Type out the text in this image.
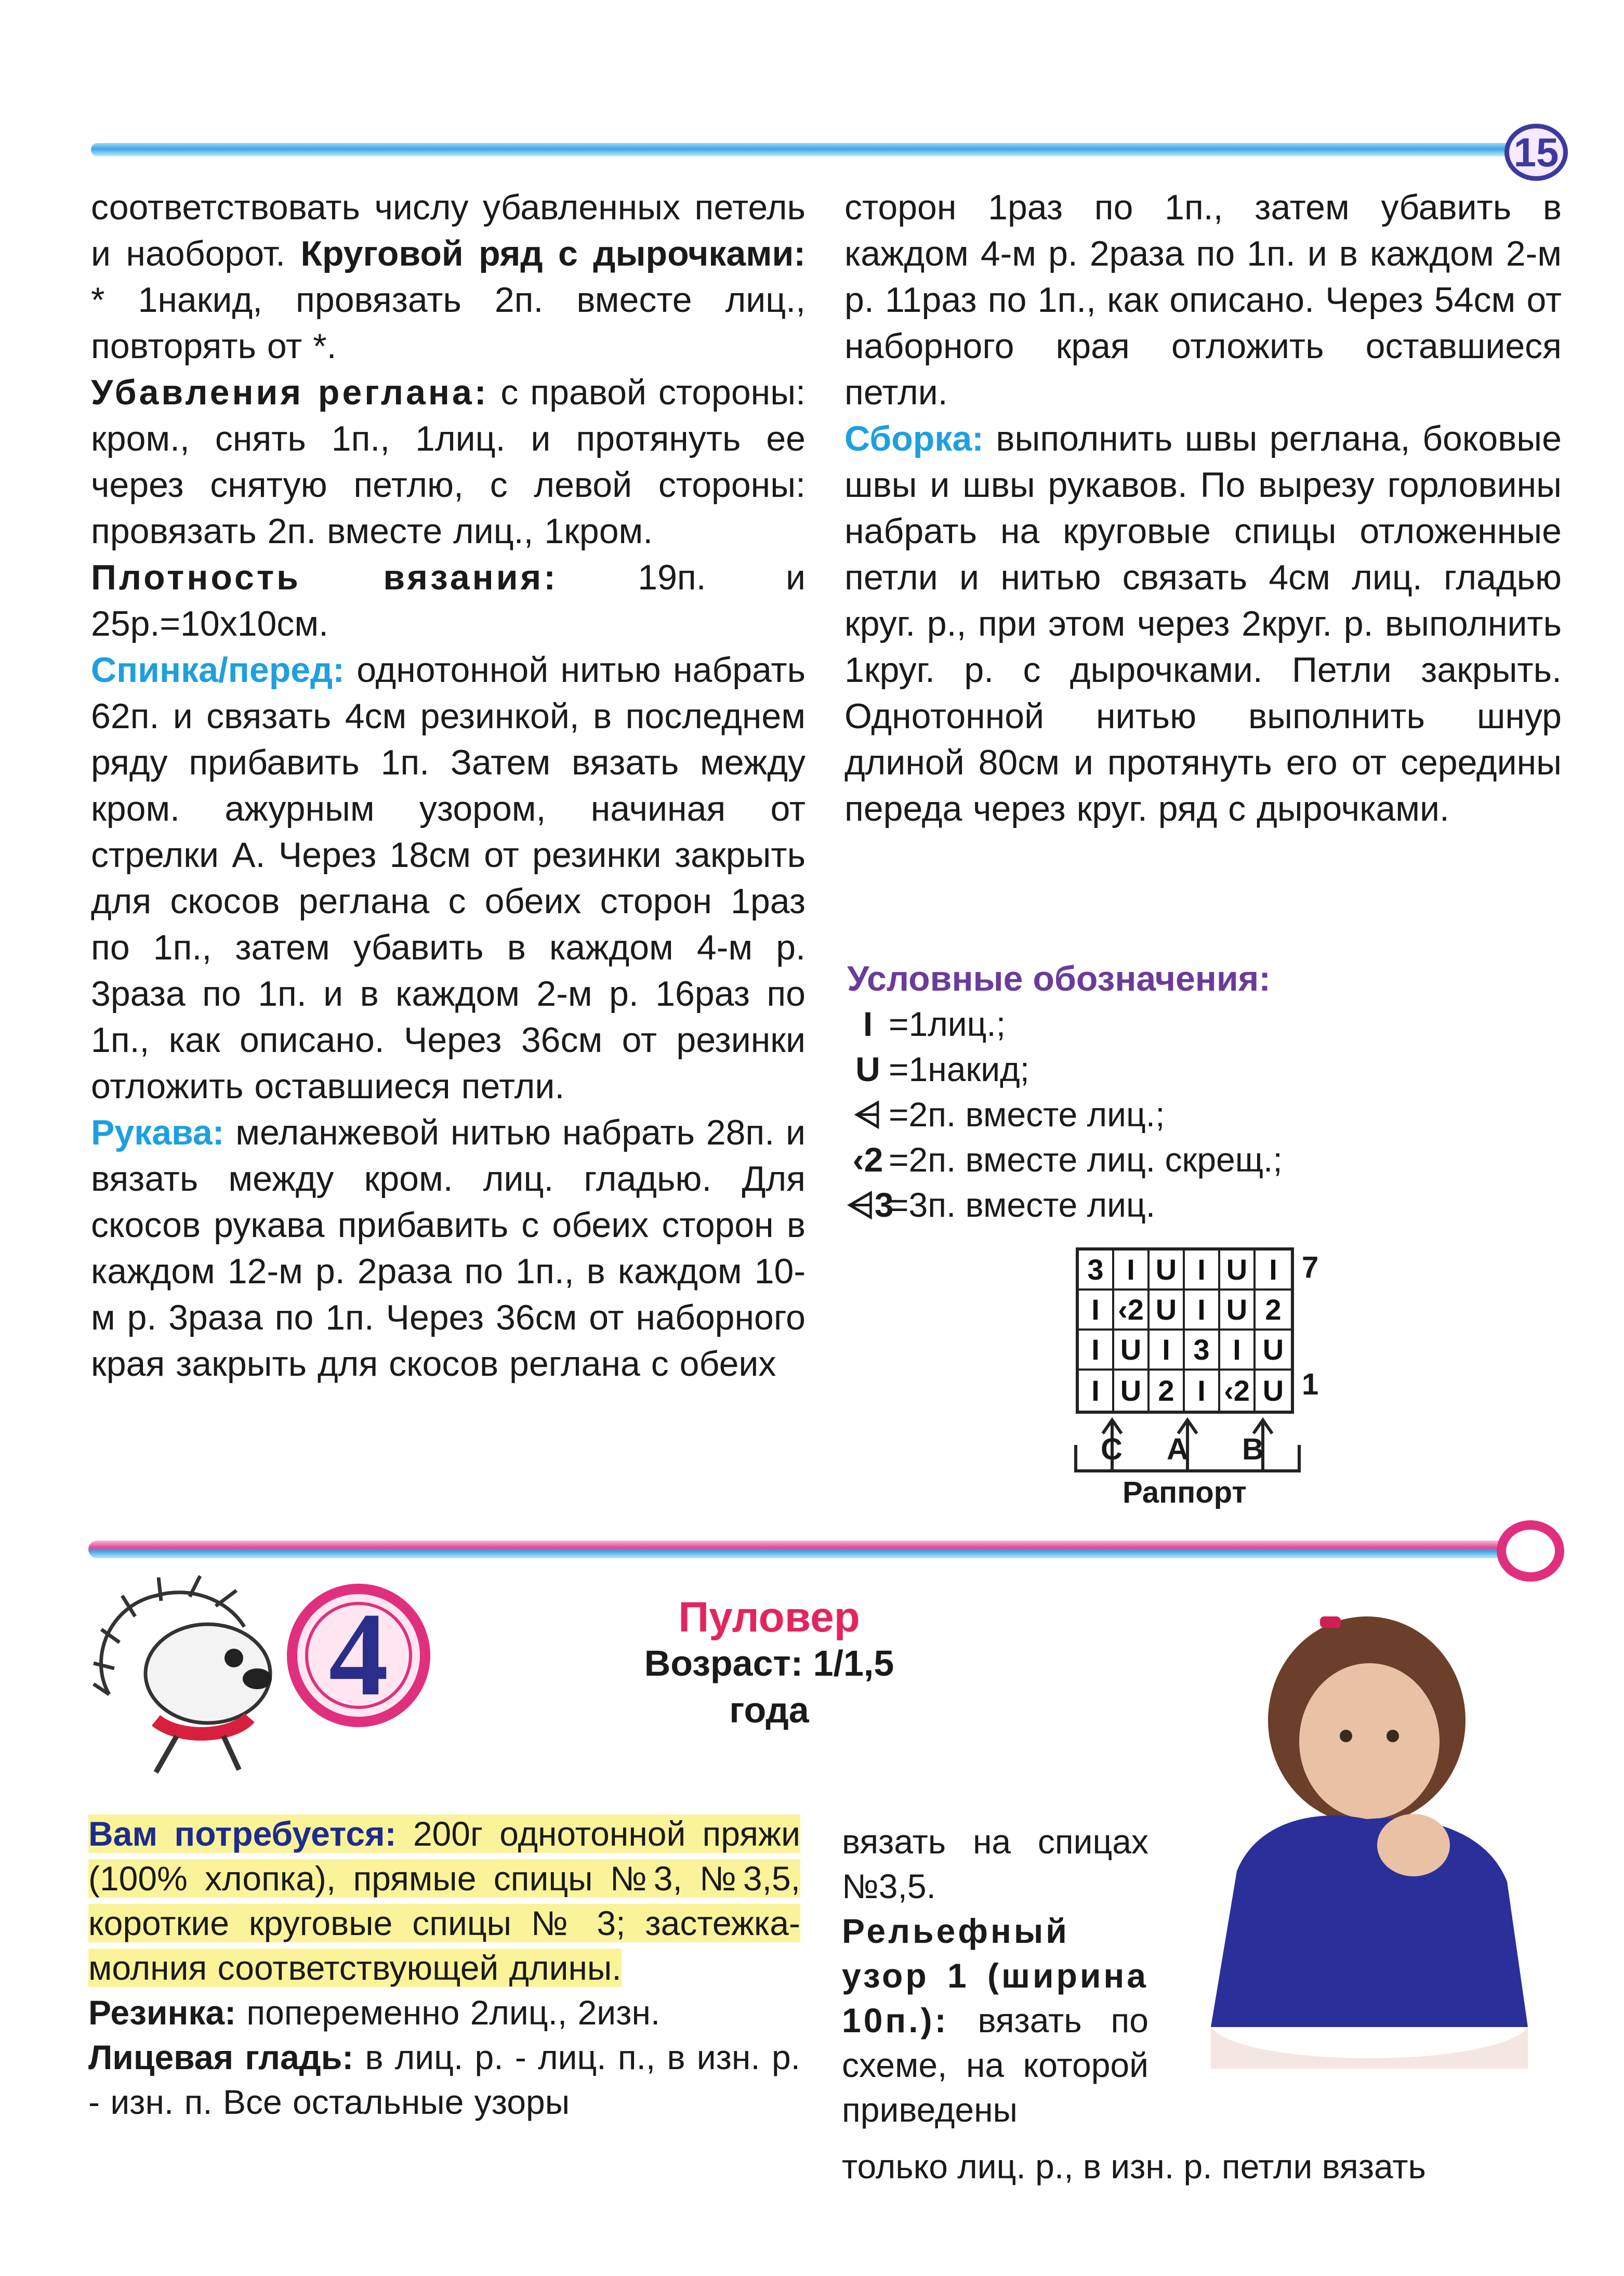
15

соответствовать числу убавленных петель и наоборот. Круговой ряд с дырочками: * 1накид, провязать 2п. вместе лиц., повторять от *.

Убавления реглана: с правой стороны: кром., снять 1п., 1лиц. и протянуть ее через снятую петлю, с левой стороны: провязать 2п. вместе лиц., 1кром.

Плотность вязания: 19п. и 25р.=10х10см.

Спинка/перед: однотонной нитью набрать 62п. и связать 4см резинкой, в последнем ряду прибавить 1п. Затем вязать между кром. ажурным узором, начиная от стрелки А. Через 18см от резинки закрыть для скосов реглана с обеих сторон 1раз по 1п., затем убавить в каждом 4-м р. 3раза по 1п. и в каждом 2-м р. 16раз по 1п., как описано. Через 36см от резинки отложить оставшиеся петли.

Рукава: меланжевой нитью набрать 28п. и вязать между кром. лиц. гладью. Для скосов рукава прибавить с обеих сторон в каждом 12-м р. 2раза по 1п., в каждом 10-м р. 3раза по 1п. Через 36см от наборного края закрыть для скосов реглана с обеих

сторон 1раз по 1п., затем убавить в каждом 4-м р. 2раза по 1п. и в каждом 2-м р. 11раз по 1п., как описано. Через 54см от наборного края отложить оставшиеся петли.

Сборка: выполнить швы реглана, боковые швы и швы рукавов. По вырезу горловины набрать на круговые спицы отложенные петли и нитью связать 4см лиц. гладью круг. р., при этом через 2круг. р. выполнить 1круг. р. с дырочками. Петли закрыть. Однотонной нитью выполнить шнур длиной 80см и протянуть его от середины переда через круг. ряд с дырочками.

Условные обозначения:
I =1лиц.;
U =1накид;
⩤ =2п. вместе лиц.;
‹2 =2п. вместе лиц. скрещ.;
⩤3
=3п. вместе лиц.
3 I U I U I
I ‹2 U I U 2
I U I 3 I U
I U 2 I ‹2 U
7
1
C A B
Раппорт
4	Пуловер
Возраст: 1/1,5
года

Вам потребуется: 200г однотонной пряжи (100% хлопка), прямые спицы №3, №3,5, короткие круговые спицы № 3; застежка-молния соответствующей длины.

Резинка: попеременно 2лиц., 2изн.

Лицевая гладь: в лиц. р. - лиц. п., в изн. р. - изн. п. Все остальные узоры

вязать на спицах №3,5.

Рельефный узор 1 (ширина 10п.): вязать по схеме, на которой приведены

только лиц. р., в изн. р. петли вязать
